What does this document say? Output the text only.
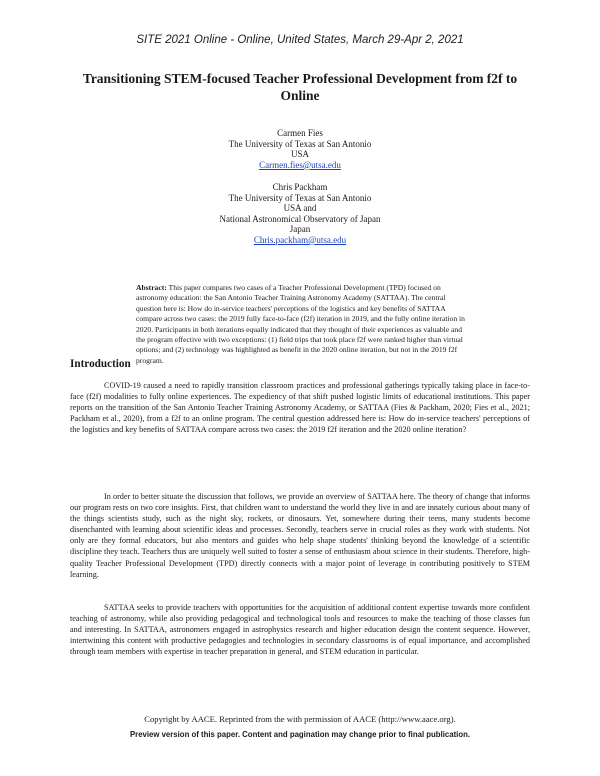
SITE 2021 Online - Online, United States, March 29-Apr 2, 2021
Transitioning STEM-focused Teacher Professional Development from f2f to Online
Carmen Fies
The University of Texas at San Antonio
USA
Carmen.fies@utsa.edu
Chris Packham
The University of Texas at San Antonio
USA and
National Astronomical Observatory of Japan
Japan
Chris.packham@utsa.edu

Abstract: This paper compares two cases of a Teacher Professional Development (TPD) focused on astronomy education: the San Antonio Teacher Training Astronomy Academy (SATTAA). The central question here is: How do in-service teachers' perceptions of the logistics and key benefits of SATTAA compare across two cases: the 2019 fully face-to-face (f2f) iteration in 2019, and the fully online iteration in 2020. Participants in both iterations equally indicated that they thought of their experiences as valuable and the program effective with two exceptions: (1) field trips that took place f2f were ranked higher than virtual options; and (2) technology was highlighted as benefit in the 2020 online iteration, but not in the 2019 f2f program.

Introduction

COVID-19 caused a need to rapidly transition classroom practices and professional gatherings typically taking place in face-to-face (f2f) modalities to fully online experiences. The expediency of that shift pushed logistic limits of educational institutions. This paper reports on the transition of the San Antonio Teacher Training Astronomy Academy, or SATTAA (Fies & Packham, 2020; Fies et al., 2021; Packham et al., 2020), from a f2f to an online program. The central question addressed here is: How do in-service teachers' perceptions of the logistics and key benefits of SATTAA compare across two cases: the 2019 f2f iteration and the 2020 online iteration?

In order to better situate the discussion that follows, we provide an overview of SATTAA here. The theory of change that informs our program rests on two core insights. First, that children want to understand the world they live in and are innately curious about many of the things scientists study, such as the night sky, rockets, or dinosaurs. Yet, somewhere during their teens, many students become disenchanted with learning about scientific ideas and processes. Secondly, teachers serve in crucial roles as they work with students. Not only are they formal educators, but also mentors and guides who help shape students' thinking beyond the knowledge of a scientific discipline they teach. Teachers thus are uniquely well suited to foster a sense of enthusiasm about science in their students. Therefore, high-quality Teacher Professional Development (TPD) directly connects with a major point of leverage in contributing positively to STEM learning.

SATTAA seeks to provide teachers with opportunities for the acquisition of additional content expertise towards more confident teaching of astronomy, while also providing pedagogical and technological tools and resources to make the teaching of those classes fun and interesting. In SATTAA, astronomers engaged in astrophysics research and higher education design the content sequence. However, intertwining this content with productive pedagogies and technologies in secondary classrooms is of equal importance, and accomplished through team members with expertise in teacher preparation in general, and STEM education in particular.

Copyright by AACE. Reprinted from the with permission of AACE (http://www.aace.org).
Preview version of this paper. Content and pagination may change prior to final publication.
